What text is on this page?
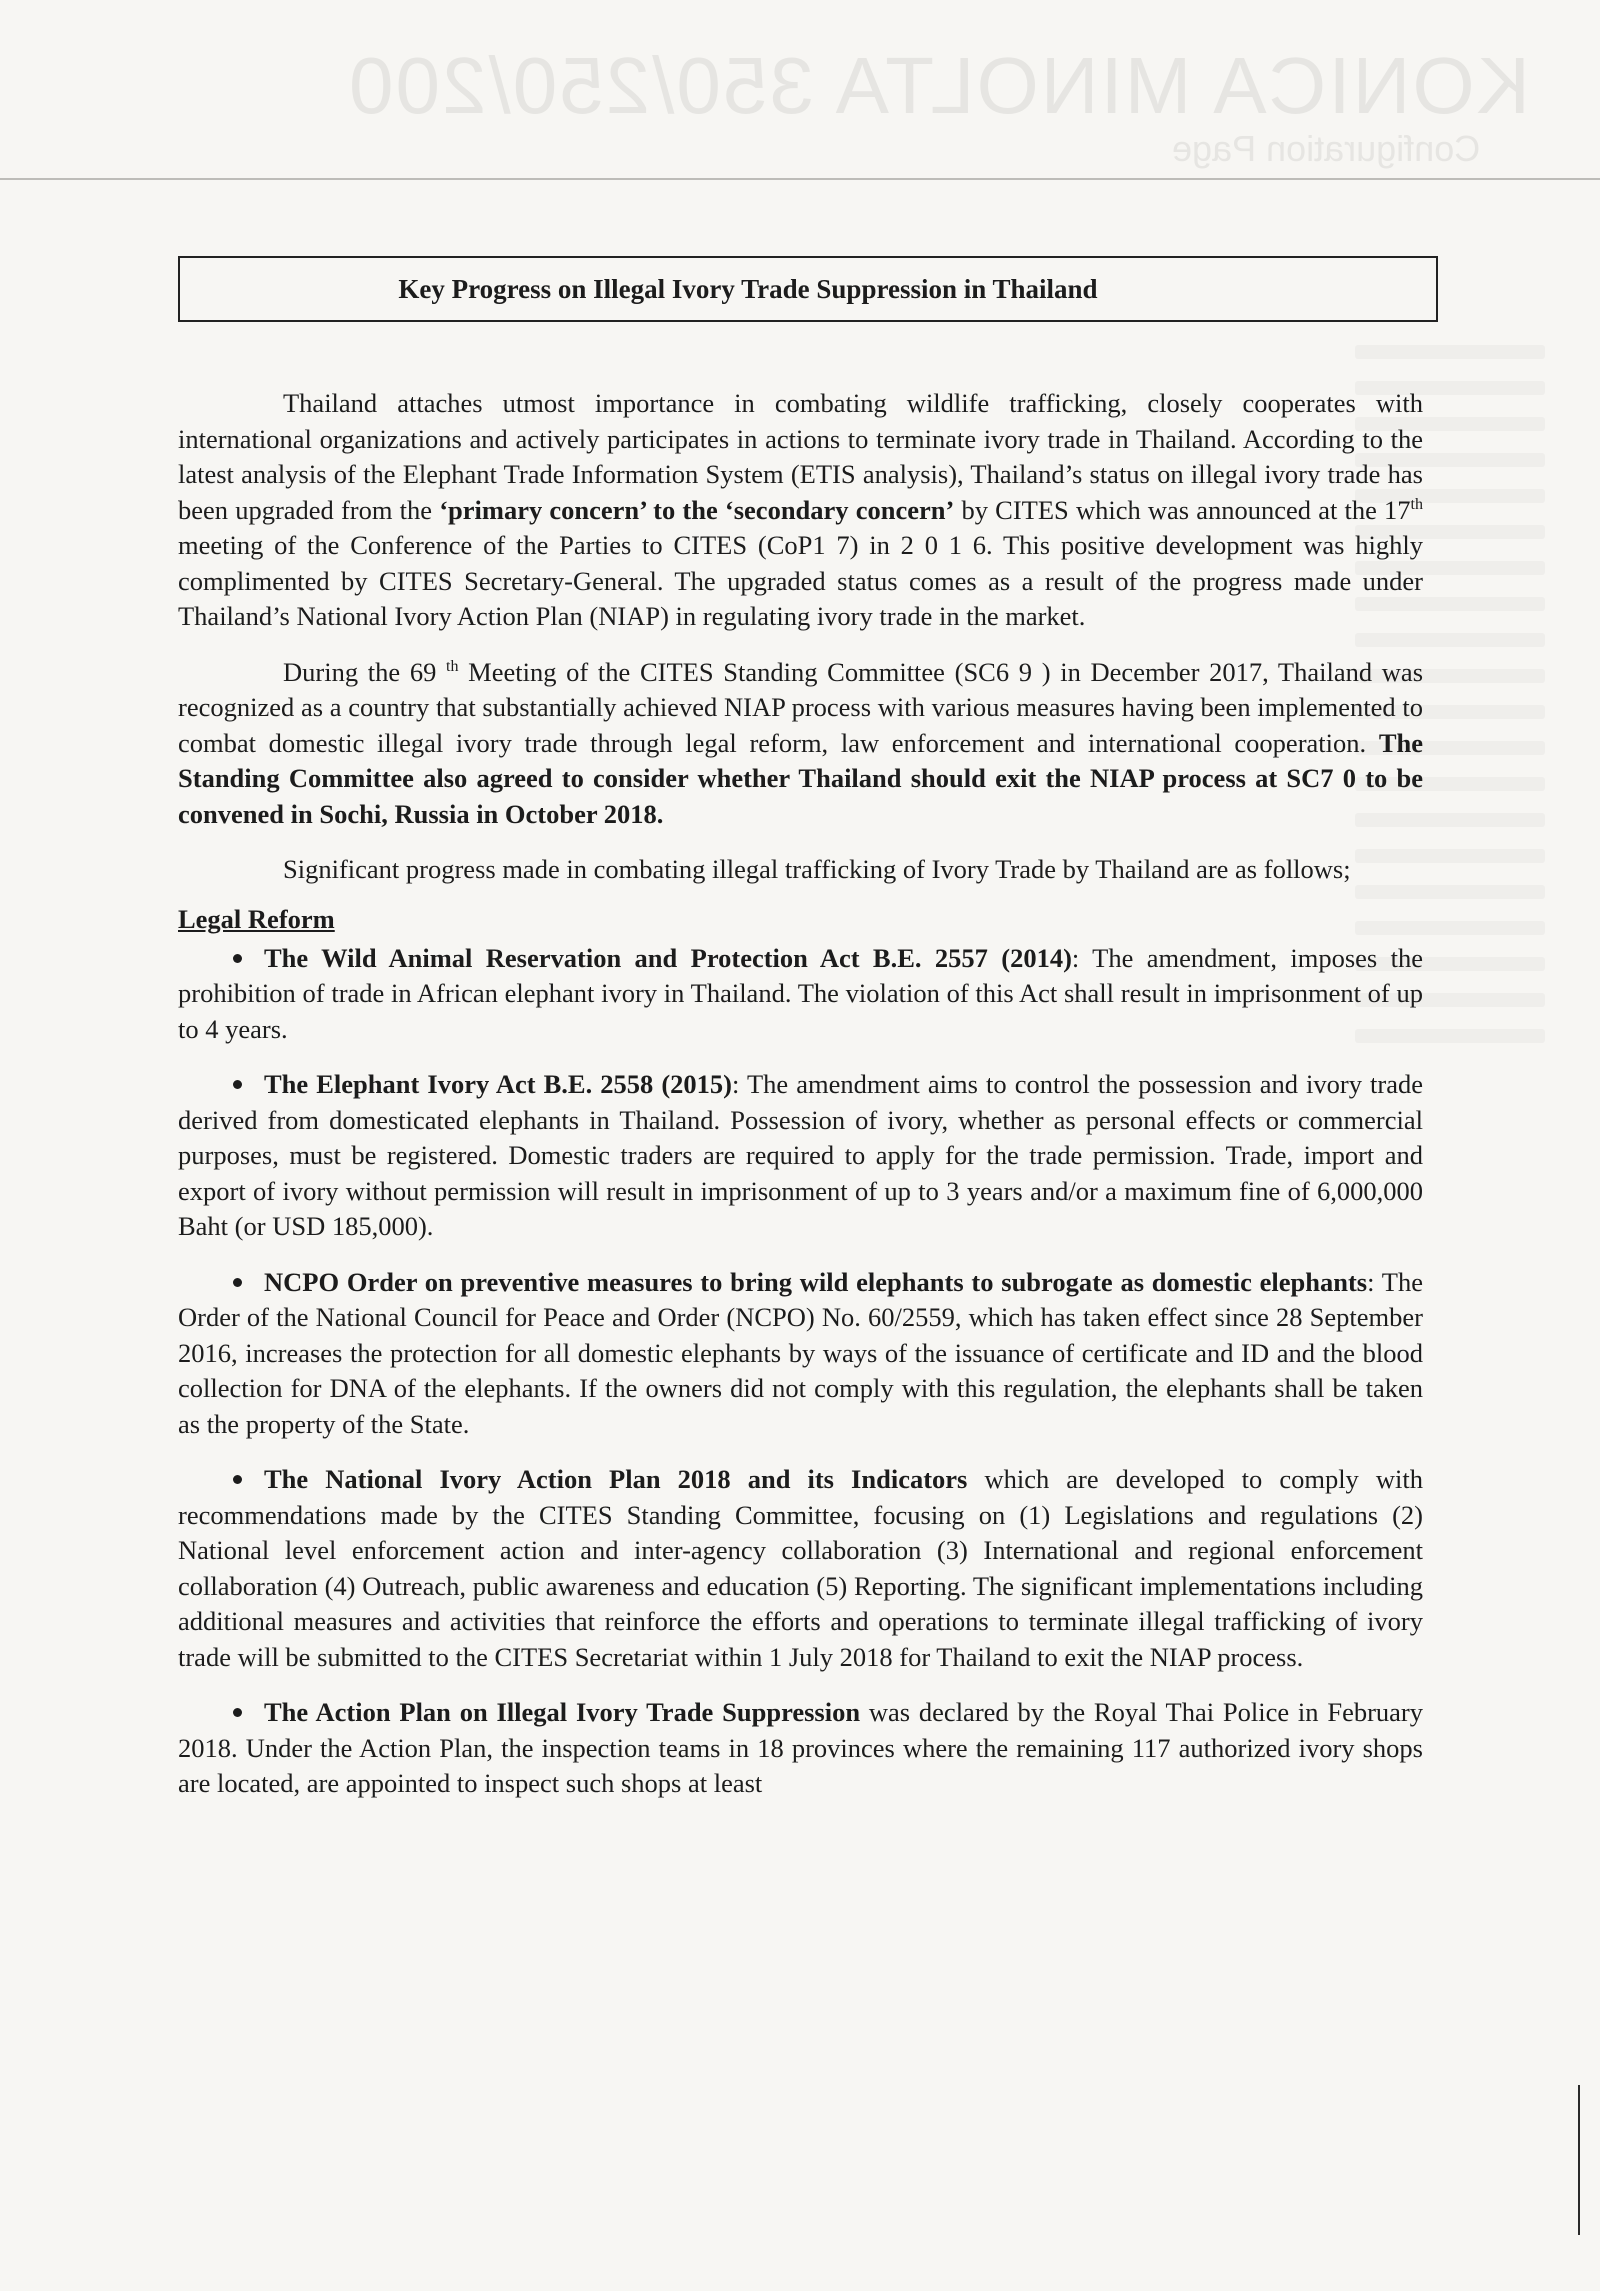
KONICA MINOLTA 350/250/200
Configuration Page
Key Progress on Illegal Ivory Trade Suppression in Thailand

Thailand attaches utmost importance in combating wildlife trafficking, closely cooperates with international organizations and actively participates in actions to terminate ivory trade in Thailand. According to the latest analysis of the Elephant Trade Information System (ETIS analysis), Thailand’s status on illegal ivory trade has been upgraded from the ‘primary concern’ to the ‘secondary concern’ by CITES which was announced at the 17th meeting of the Conference of the Parties to CITES (CoP1 7) in 2 0 1 6. This positive development was highly complimented by CITES Secretary-General. The upgraded status comes as a result of the progress made under Thailand’s National Ivory Action Plan (NIAP) in regulating ivory trade in the market.

During the 69 $^{th}$ Meeting of the CITES Standing Committee (SC6 9 ) in December 2017, Thailand was recognized as a country that substantially achieved NIAP process with various measures having been implemented to combat domestic illegal ivory trade through legal reform, law enforcement and international cooperation. The Standing Committee also agreed to consider whether Thailand should exit the NIAP process at SC7 0 to be convened in Sochi, Russia in October 2018.

Significant progress made in combating illegal trafficking of Ivory Trade by Thailand are as follows;

Legal Reform

The Wild Animal Reservation and Protection Act B.E. 2557 (2014): The amendment, imposes the prohibition of trade in African elephant ivory in Thailand. The violation of this Act shall result in imprisonment of up to 4 years.

The Elephant Ivory Act B.E. 2558 (2015): The amendment aims to control the possession and ivory trade derived from domesticated elephants in Thailand. Possession of ivory, whether as personal effects or commercial purposes, must be registered. Domestic traders are required to apply for the trade permission. Trade, import and export of ivory without permission will result in imprisonment of up to 3 years and/or a maximum fine of 6,000,000 Baht (or USD 185,000).

NCPO Order on preventive measures to bring wild elephants to subrogate as domestic elephants: The Order of the National Council for Peace and Order (NCPO) No. 60/2559, which has taken effect since 28 September 2016, increases the protection for all domestic elephants by ways of the issuance of certificate and ID and the blood collection for DNA of the elephants. If the owners did not comply with this regulation, the elephants shall be taken as the property of the State.

The National Ivory Action Plan 2018 and its Indicators which are developed to comply with recommendations made by the CITES Standing Committee, focusing on (1) Legislations and regulations (2) National level enforcement action and inter-agency collaboration (3) International and regional enforcement collaboration (4) Outreach, public awareness and education (5) Reporting. The significant implementations including additional measures and activities that reinforce the efforts and operations to terminate illegal trafficking of ivory trade will be submitted to the CITES Secretariat within 1 July 2018 for Thailand to exit the NIAP process.

The Action Plan on Illegal Ivory Trade Suppression was declared by the Royal Thai Police in February 2018. Under the Action Plan, the inspection teams in 18 provinces where the remaining 117 authorized ivory shops are located, are appointed to inspect such shops at least
